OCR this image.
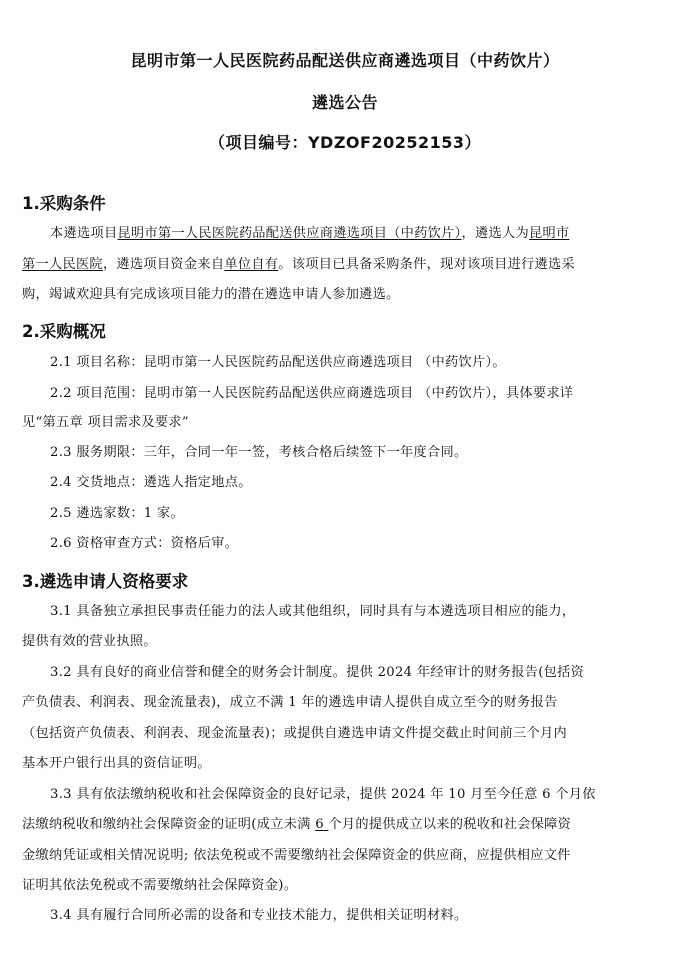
昆明市第一人民医院药品配送供应商遴选项目（中药饮片）
遴选公告
（项目编号：YDZOF20252153）
1.采购条件
本遴选项目昆明市第一人民医院药品配送供应商遴选项目（中药饮片），遴选人为昆明市
第一人民医院，遴选项目资金来自单位自有。该项目已具备采购条件，现对该项目进行遴选采
购，竭诚欢迎具有完成该项目能力的潜在遴选申请人参加遴选。
2.采购概况
2.1 项目名称：昆明市第一人民医院药品配送供应商遴选项目 （中药饮片）。
2.2 项目范围：昆明市第一人民医院药品配送供应商遴选项目 （中药饮片），具体要求详
见“第五章 项目需求及要求”
2.3 服务期限：三年，合同一年一签，考核合格后续签下一年度合同。
2.4 交货地点：遴选人指定地点。
2.5 遴选家数：1 家。
2.6 资格审查方式：资格后审。
3.遴选申请人资格要求
3.1 具备独立承担民事责任能力的法人或其他组织，同时具有与本遴选项目相应的能力，
提供有效的营业执照。
3.2 具有良好的商业信誉和健全的财务会计制度。提供 2024 年经审计的财务报告(包括资
产负债表、利润表、现金流量表)，成立不满 1 年的遴选申请人提供自成立至今的财务报告
（包括资产负债表、利润表、现金流量表)；或提供自遴选申请文件提交截止时间前三个月内
基本开户银行出具的资信证明。
3.3 具有依法缴纳税收和社会保障资金的良好记录，提供 2024 年 10 月至今任意 6 个月依
法缴纳税收和缴纳社会保障资金的证明(成立未满 6 个月的提供成立以来的税收和社会保障资
金缴纳凭证或相关情况说明; 依法免税或不需要缴纳社会保障资金的供应商，应提供相应文件
证明其依法免税或不需要缴纳社会保障资金)。
3.4 具有履行合同所必需的设备和专业技术能力，提供相关证明材料。
